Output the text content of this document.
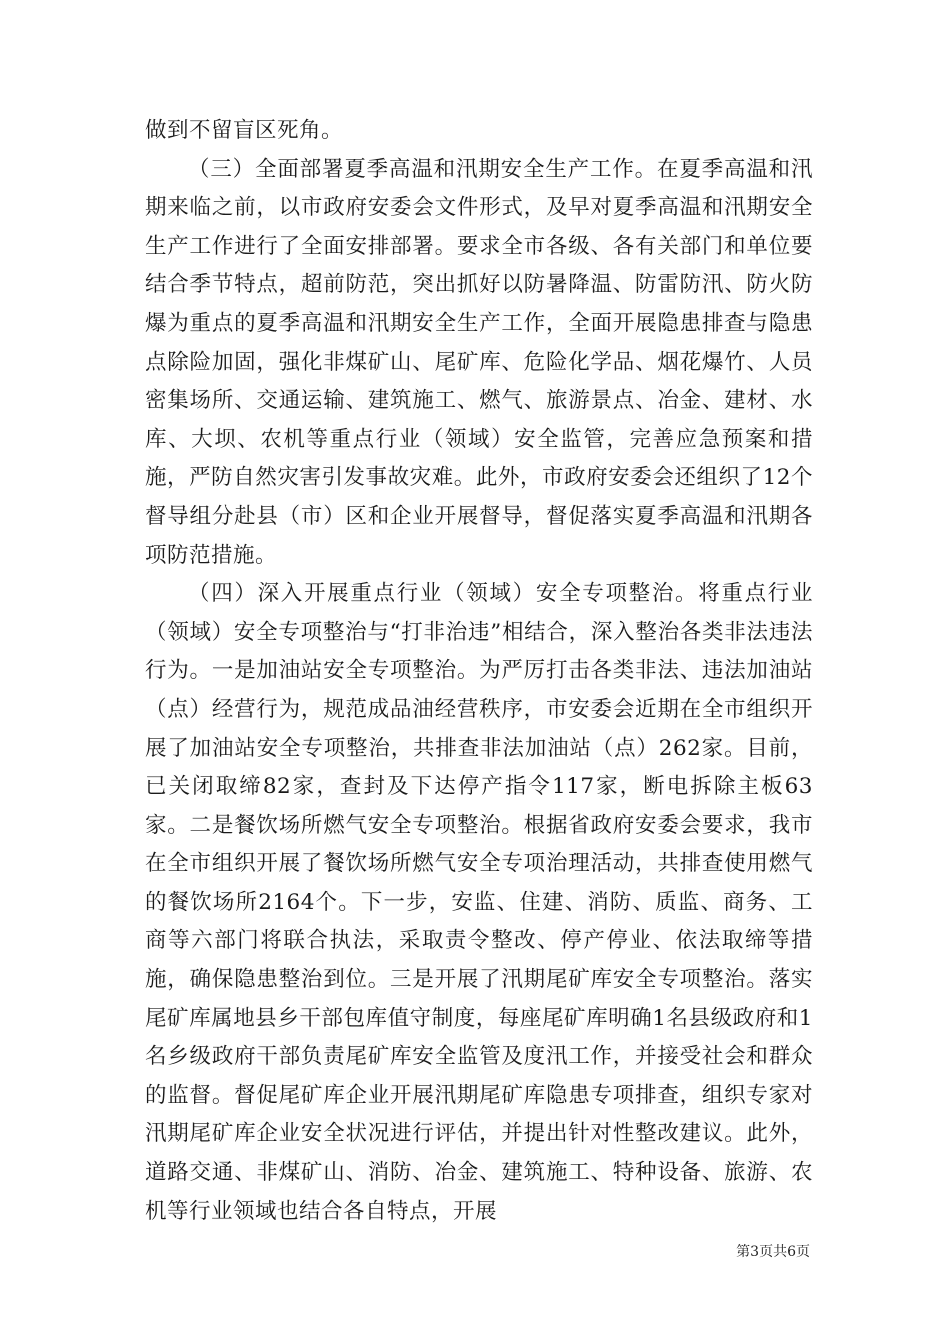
做到不留盲区死角。

（三）全面部署夏季高温和汛期安全生产工作。在夏季高温和汛期来临之前，以市政府安委会文件形式，及早对夏季高温和汛期安全生产工作进行了全面安排部署。要求全市各级、各有关部门和单位要结合季节特点，超前防范，突出抓好以防暑降温、防雷防汛、防火防爆为重点的夏季高温和汛期安全生产工作，全面开展隐患排查与隐患点除险加固，强化非煤矿山、尾矿库、危险化学品、烟花爆竹、人员密集场所、交通运输、建筑施工、燃气、旅游景点、冶金、建材、水库、大坝、农机等重点行业（领域）安全监管，完善应急预案和措施，严防自然灾害引发事故灾难。此外，市政府安委会还组织了12个督导组分赴县（市）区和企业开展督导，督促落实夏季高温和汛期各项防范措施。

（四）深入开展重点行业（领域）安全专项整治。将重点行业（领域）安全专项整治与“打非治违”相结合，深入整治各类非法违法行为。一是加油站安全专项整治。为严厉打击各类非法、违法加油站（点）经营行为，规范成品油经营秩序，市安委会近期在全市组织开展了加油站安全专项整治，共排查非法加油站（点）262家。目前，已关闭取缔82家，查封及下达停产指令117家，断电拆除主板63家。二是餐饮场所燃气安全专项整治。根据省政府安委会要求，我市在全市组织开展了餐饮场所燃气安全专项治理活动，共排查使用燃气的餐饮场所2164个。下一步，安监、住建、消防、质监、商务、工商等六部门将联合执法，采取责令整改、停产停业、依法取缔等措施，确保隐患整治到位。三是开展了汛期尾矿库安全专项整治。落实尾矿库属地县乡干部包库值守制度，每座尾矿库明确1名县级政府和1名乡级政府干部负责尾矿库安全监管及度汛工作，并接受社会和群众的监督。督促尾矿库企业开展汛期尾矿库隐患专项排查，组织专家对汛期尾矿库企业安全状况进行评估，并提出针对性整改建议。此外，道路交通、非煤矿山、消防、冶金、建筑施工、特种设备、旅游、农机等行业领域也结合各自特点，开展

第3页共6页
